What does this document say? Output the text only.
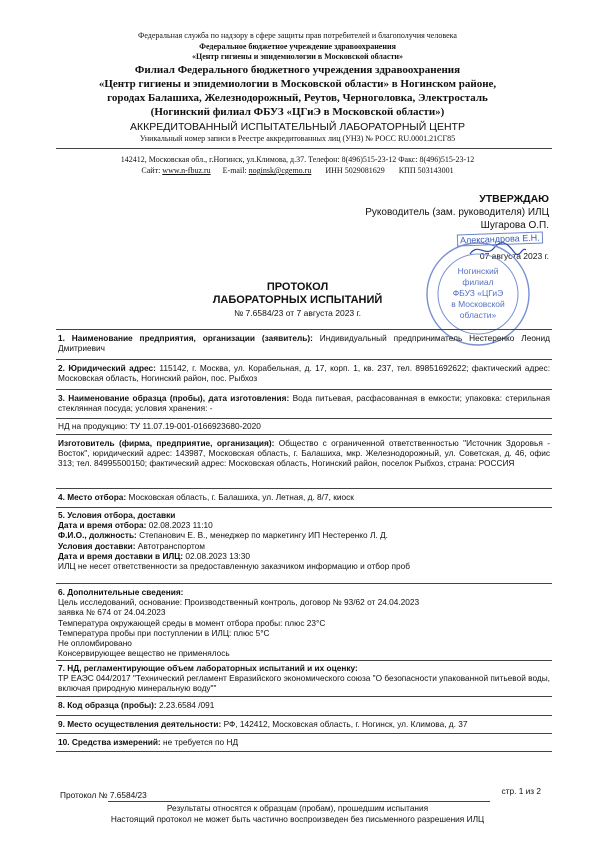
Федеральная служба по надзору в сфере защиты прав потребителей и благополучия человека
Федеральное бюджетное учреждение здравоохранения
«Центр гигиены и эпидемиологии в Московской области»
Филиал Федерального бюджетного учреждения здравоохранения
«Центр гигиены и эпидемиологии в Московской области» в Ногинском районе,
городах Балашиха, Железнодорожный, Реутов, Черноголовка, Электросталь
(Ногинский филиал ФБУЗ «ЦГиЭ в Московской области»)
АККРЕДИТОВАННЫЙ ИСПЫТАТЕЛЬНЫЙ ЛАБОРАТОРНЫЙ ЦЕНТР
Уникальный номер записи в Реестре аккредитованных лиц (УНЗ) № РОСС RU.0001.21СГ85
142412, Московская обл., г.Ногинск, ул.Климова, д.37. Телефон: 8(496)515-23-12 Факс: 8(496)515-23-12
Сайт: www.n-fbuz.ru E-mail: noginsk@cgemo.ru ИНН 5029081629 КПП 503143001
УТВЕРЖДАЮ
Руководитель (зам. руководителя) ИЛЦ
Шугарова О.П.
Александрова Е.Н.
07 августа 2023 г.
Ногинский
филиал
ФБУЗ «ЦГиЭ
в Московской
области»
ПРОТОКОЛ
ЛАБОРАТОРНЫХ ИСПЫТАНИЙ
№ 7.6584/23 от 7 августа 2023 г.
1. Наименование предприятия, организации (заявитель): Индивидуальный предприниматель Нестеренко Леонид Дмитриевич
2. Юридический адрес: 115142, г. Москва, ул. Корабельная, д. 17, корп. 1, кв. 237, тел. 89851692622; фактический адрес: Московская область, Ногинский район, пос. Рыбхоз
3. Наименование образца (пробы), дата изготовления: Вода питьевая, расфасованная в емкости; упаковка: стерильная стеклянная посуда; условия хранения: -
НД на продукцию: ТУ 11.07.19-001-0166923680-2020
Изготовитель (фирма, предприятие, организация): Общество с ограниченной ответственностью "Источник Здоровья - Восток", юридический адрес: 143987, Московская область, г. Балашиха, мкр. Железнодорожный, ул. Советская, д. 46, офис 313; тел. 84995500150; фактический адрес: Московская область, Ногинский район, поселок Рыбхоз, страна: РОССИЯ
4. Место отбора: Московская область, г. Балашиха, ул. Летная, д. 8/7, киоск

5. Условия отбора, доставки

Дата и время отбора: 02.08.2023 11:10

Ф.И.О., должность: Степанович Е. В., менеджер по маркетингу ИП Нестеренко Л. Д.

Условия доставки: Автотранспортом

Дата и время доставки в ИЛЦ: 02.08.2023 13:30

ИЛЦ не несет ответственности за предоставленную заказчиком информацию и отбор проб

6. Дополнительные сведения:

Цель исследований, основание: Производственный контроль, договор № 93/62 от 24.04.2023

заявка № 674 от 24.04.2023

Температура окружающей среды в момент отбора пробы: плюс 23°С

Температура пробы при поступлении в ИЛЦ: плюс 5°С

Не опломбировано

Консервирующее вещество не применялось

7. НД, регламентирующие объем лабораторных испытаний и их оценку:

ТР ЕАЭС 044/2017 "Технический регламент Евразийского экономического союза "О безопасности упакованной питьевой воды, включая природную минеральную воду""

8. Код образца (пробы): 2.23.6584 /091
9. Место осуществления деятельности: РФ, 142412, Московская область, г. Ногинск, ул. Климова, д. 37
10. Средства измерений: не требуется по НД
Протокол № 7.6584/23	стр. 1 из 2
Результаты относятся к образцам (пробам), прошедшим испытания
Настоящий протокол не может быть частично воспроизведен без письменного разрешения ИЛЦ
